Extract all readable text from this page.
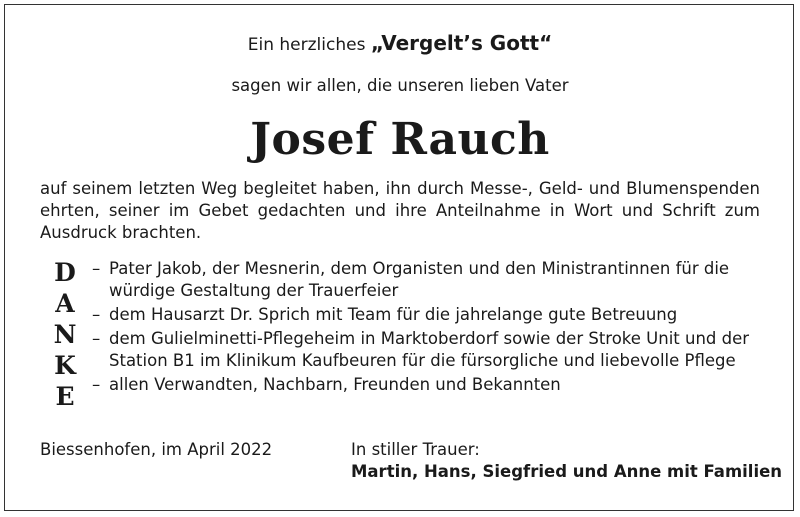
Ein herzliches „Vergelt’s Gott“
sagen wir allen, die unseren lieben Vater
Josef Rauch
auf seinem letzten Weg begleitet haben, ihn durch Messe-, Geld- und Blumenspenden ehrten, seiner im Gebet gedachten und ihre Anteilnahme in Wort und Schrift zum Ausdruck brachten.
D
A
N
K
E
– Pater Jakob, der Mesnerin, dem Organisten und den Ministrantinnen für die würdige Gestaltung der Trauerfeier
– dem Hausarzt Dr. Sprich mit Team für die jahrelange gute Betreuung
– dem Gulielminetti-Pflegeheim in Marktoberdorf sowie der Stroke Unit und der Station B1 im Klinikum Kaufbeuren für die fürsorgliche und liebevolle Pflege
– allen Verwandten, Nachbarn, Freunden und Bekannten
Biessenhofen, im April 2022	In stiller Trauer:
Martin, Hans, Siegfried und Anne mit Familien
